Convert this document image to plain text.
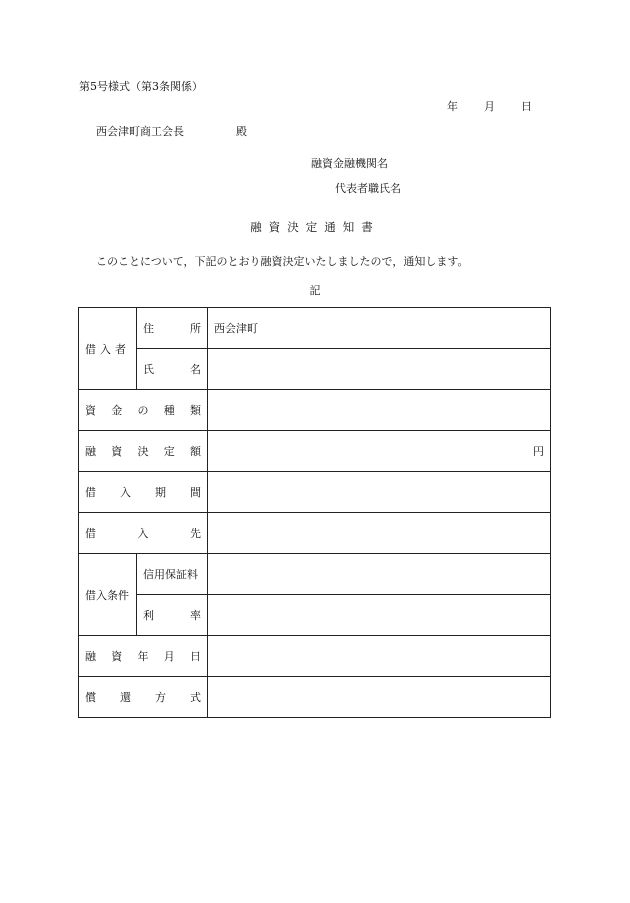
第5号様式（第3条関係）
年 月 日
西会津町商工会長	殿
融資金融機関名
代表者職氏名
融資決定通知書
このことについて，下記のとおり融資決定いたしましたので，通知します。
記
借 入 者	住 所	西会津町

	氏 名	

資 金 の 種 類		

融 資 決 定 額		円

借 入 期 間		

借 入 先		

借入条件	信用保証料	

	利 率	

融 資 年 月 日		

償 還 方 式		
